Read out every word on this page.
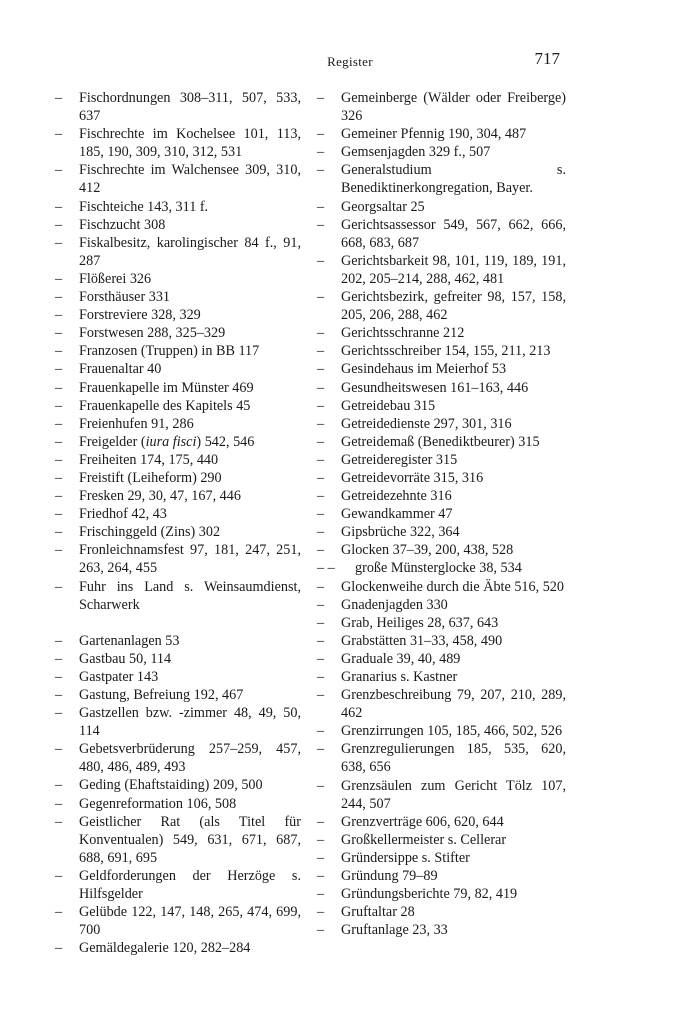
Register	717
–	Fischordnungen 308–311, 507, 533, 637
–	Fischrechte im Kochelsee 101, 113, 185, 190, 309, 310, 312, 531
–	Fischrechte im Walchensee 309, 310, 412
–	Fischteiche 143, 311 f.
–	Fischzucht 308
–	Fiskalbesitz, karolingischer 84 f., 91, 287
–	Flößerei 326
–	Forsthäuser 331
–	Forstreviere 328, 329
–	Forstwesen 288, 325–329
–	Franzosen (Truppen) in BB 117
–	Frauenaltar 40
–	Frauenkapelle im Münster 469
–	Frauenkapelle des Kapitels 45
–	Freienhufen 91, 286
–	Freigelder (iura fisci) 542, 546
–	Freiheiten 174, 175, 440
–	Freistift (Leiheform) 290
–	Fresken 29, 30, 47, 167, 446
–	Friedhof 42, 43
–	Frischinggeld (Zins) 302
–	Fronleichnamsfest 97, 181, 247, 251, 263, 264, 455
–	Fuhr ins Land s. Weinsaumdienst, Scharwerk
–	Gartenanlagen 53
–	Gastbau 50, 114
–	Gastpater 143
–	Gastung, Befreiung 192, 467
–	Gastzellen bzw. -zimmer 48, 49, 50, 114
–	Gebetsverbrüderung 257–259, 457, 480, 486, 489, 493
–	Geding (Ehaftstaiding) 209, 500
–	Gegenreformation 106, 508
–	Geistlicher Rat (als Titel für Konventualen) 549, 631, 671, 687, 688, 691, 695
–	Geldforderungen der Herzöge s. Hilfsgelder
–	Gelübde 122, 147, 148, 265, 474, 699, 700
–	Gemäldegalerie 120, 282–284
–	Gemeinberge (Wälder oder Freiberge) 326
–	Gemeiner Pfennig 190, 304, 487
–	Gemsenjagden 329 f., 507
–	Generalstudium s. Benediktinerkongregation, Bayer.
–	Georgsaltar 25
–	Gerichtsassessor 549, 567, 662, 666, 668, 683, 687
–	Gerichtsbarkeit 98, 101, 119, 189, 191, 202, 205–214, 288, 462, 481
–	Gerichtsbezirk, gefreiter 98, 157, 158, 205, 206, 288, 462
–	Gerichtsschranne 212
–	Gerichtsschreiber 154, 155, 211, 213
–	Gesindehaus im Meierhof 53
–	Gesundheitswesen 161–163, 446
–	Getreidebau 315
–	Getreidedienste 297, 301, 316
–	Getreidemaß (Benediktbeurer) 315
–	Getreideregister 315
–	Getreidevorräte 315, 316
–	Getreidezehnte 316
–	Gewandkammer 47
–	Gipsbrüche 322, 364
–	Glocken 37–39, 200, 438, 528
– –	große Münsterglocke 38, 534
–	Glockenweihe durch die Äbte 516, 520
–	Gnadenjagden 330
–	Grab, Heiliges 28, 637, 643
–	Grabstätten 31–33, 458, 490
–	Graduale 39, 40, 489
–	Granarius s. Kastner
–	Grenzbeschreibung 79, 207, 210, 289, 462
–	Grenzirrungen 105, 185, 466, 502, 526
–	Grenzregulierungen 185, 535, 620, 638, 656
–	Grenzsäulen zum Gericht Tölz 107, 244, 507
–	Grenzverträge 606, 620, 644
–	Großkellermeister s. Cellerar
–	Gründersippe s. Stifter
–	Gründung 79–89
–	Gründungsberichte 79, 82, 419
–	Gruftaltar 28
–	Gruftanlage 23, 33
